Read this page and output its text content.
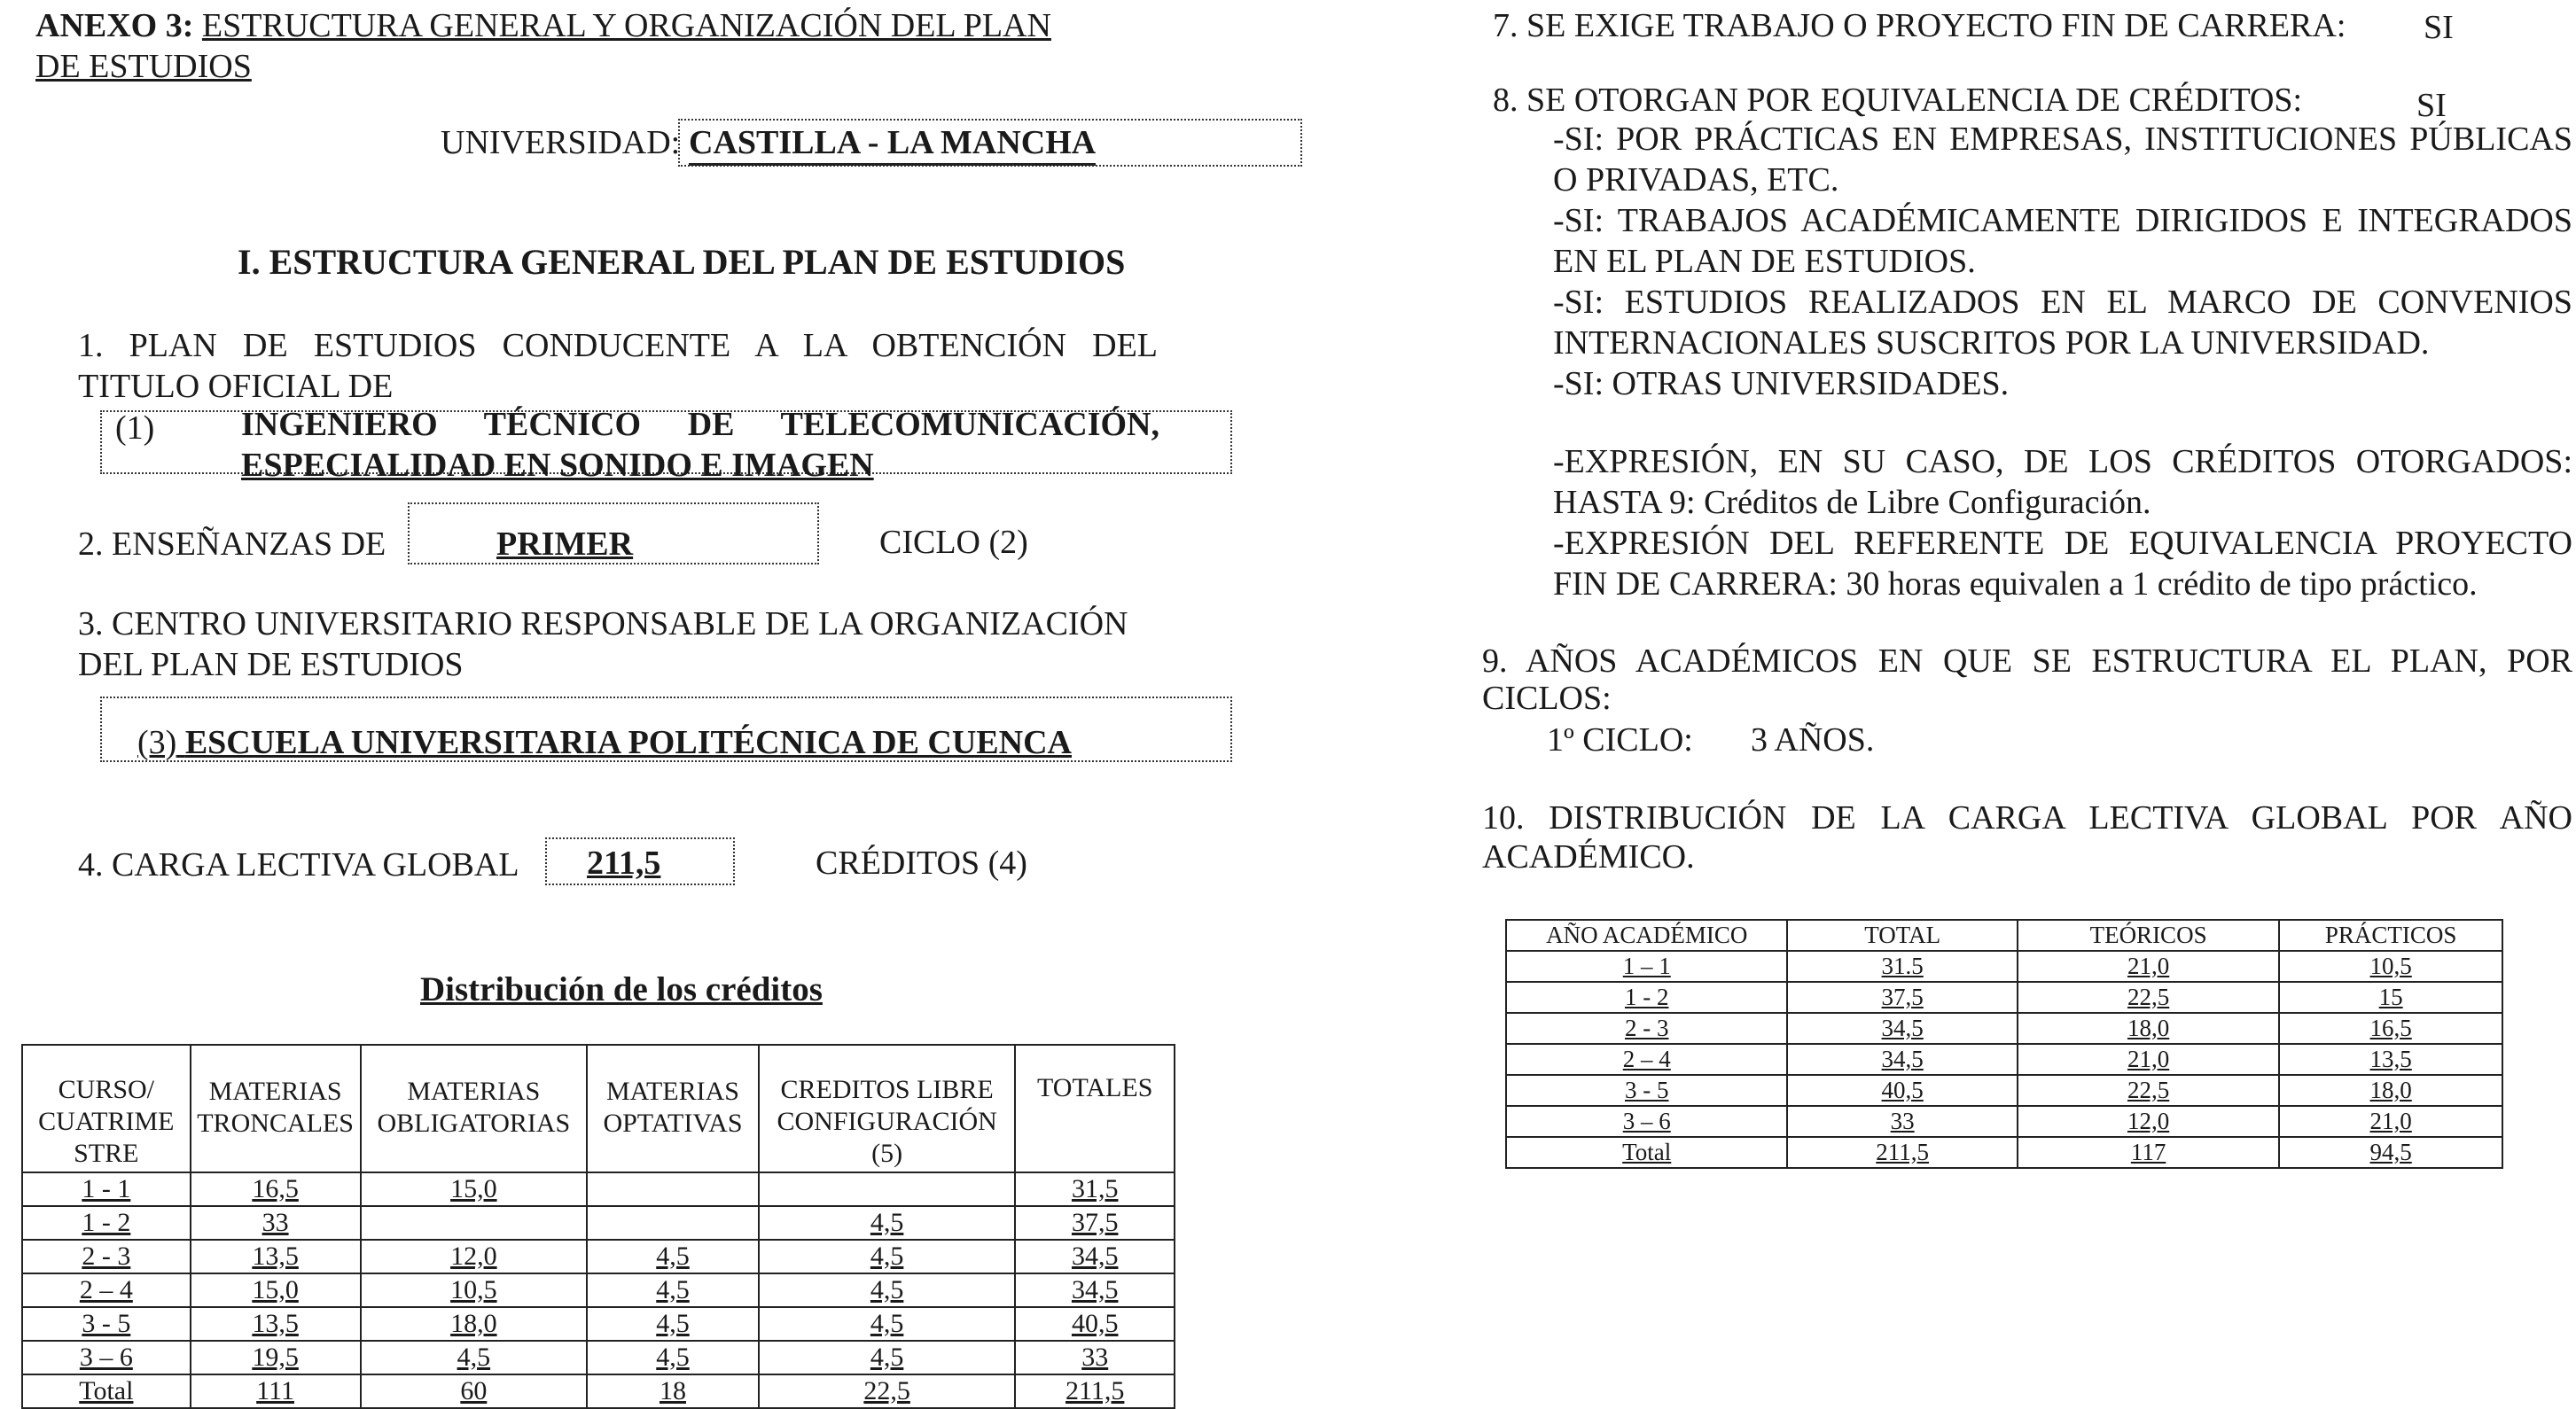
ANEXO 3: ESTRUCTURA GENERAL Y ORGANIZACIÓN DEL PLAN
DE ESTUDIOS
UNIVERSIDAD: CASTILLA - LA MANCHA
I. ESTRUCTURA GENERAL DEL PLAN DE ESTUDIOS
1. PLAN DE ESTUDIOS CONDUCENTE A LA OBTENCIÓN DEL
TITULO OFICIAL DE
(1)	INGENIERO TÉCNICO DE TELECOMUNICACIÓN,
ESPECIALIDAD EN SONIDO E IMAGEN
2. ENSEÑANZAS DE	PRIMER	CICLO (2)
3. CENTRO UNIVERSITARIO RESPONSABLE DE LA ORGANIZACIÓN
DEL PLAN DE ESTUDIOS
(3) ESCUELA UNIVERSITARIA POLITÉCNICA DE CUENCA
4. CARGA LECTIVA GLOBAL 211,5	CRÉDITOS (4)
Distribución de los créditos
CURSO/ CUATRIME STRE	MATERIAS TRONCALES	MATERIAS OBLIGATORIAS	MATERIAS OPTATIVAS	CREDITOS LIBRE CONFIGURACIÓN (5)	TOTALES
1 - 1	16,5	15,0			31,5
1 - 2	33			4,5	37,5
2 - 3	13,5	12,0	4,5	4,5	34,5
2 – 4	15,0	10,5	4,5	4,5	34,5
3 - 5	13,5	18,0	4,5	4,5	40,5
3 – 6	19,5	4,5	4,5	4,5	33
Total	111	60	18	22,5	211,5
7. SE EXIGE TRABAJO O PROYECTO FIN DE CARRERA: SI
8. SE OTORGAN POR EQUIVALENCIA DE CRÉDITOS:	SI
-SI: POR PRÁCTICAS EN EMPRESAS, INSTITUCIONES PÚBLICAS
O PRIVADAS, ETC.
-SI: TRABAJOS ACADÉMICAMENTE DIRIGIDOS E INTEGRADOS
EN EL PLAN DE ESTUDIOS.
-SI: ESTUDIOS REALIZADOS EN EL MARCO DE CONVENIOS
INTERNACIONALES SUSCRITOS POR LA UNIVERSIDAD.
-SI: OTRAS UNIVERSIDADES.
-EXPRESIÓN, EN SU CASO, DE LOS CRÉDITOS OTORGADOS:
HASTA 9: Créditos de Libre Configuración.
-EXPRESIÓN DEL REFERENTE DE EQUIVALENCIA PROYECTO
FIN DE CARRERA: 30 horas equivalen a 1 crédito de tipo práctico.
9. AÑOS ACADÉMICOS EN QUE SE ESTRUCTURA EL PLAN, POR
CICLOS:
1º CICLO: 3 AÑOS.
10. DISTRIBUCIÓN DE LA CARGA LECTIVA GLOBAL POR AÑO
ACADÉMICO.
AÑO ACADÉMICO	TOTAL	TEÓRICOS	PRÁCTICOS
1 – 1	31.5	21,0	10,5
1 - 2	37,5	22,5	15
2 - 3	34,5	18,0	16,5
2 – 4	34,5	21,0	13,5
3 - 5	40,5	22,5	18,0
3 – 6	33	12,0	21,0
Total	211,5	117	94,5
